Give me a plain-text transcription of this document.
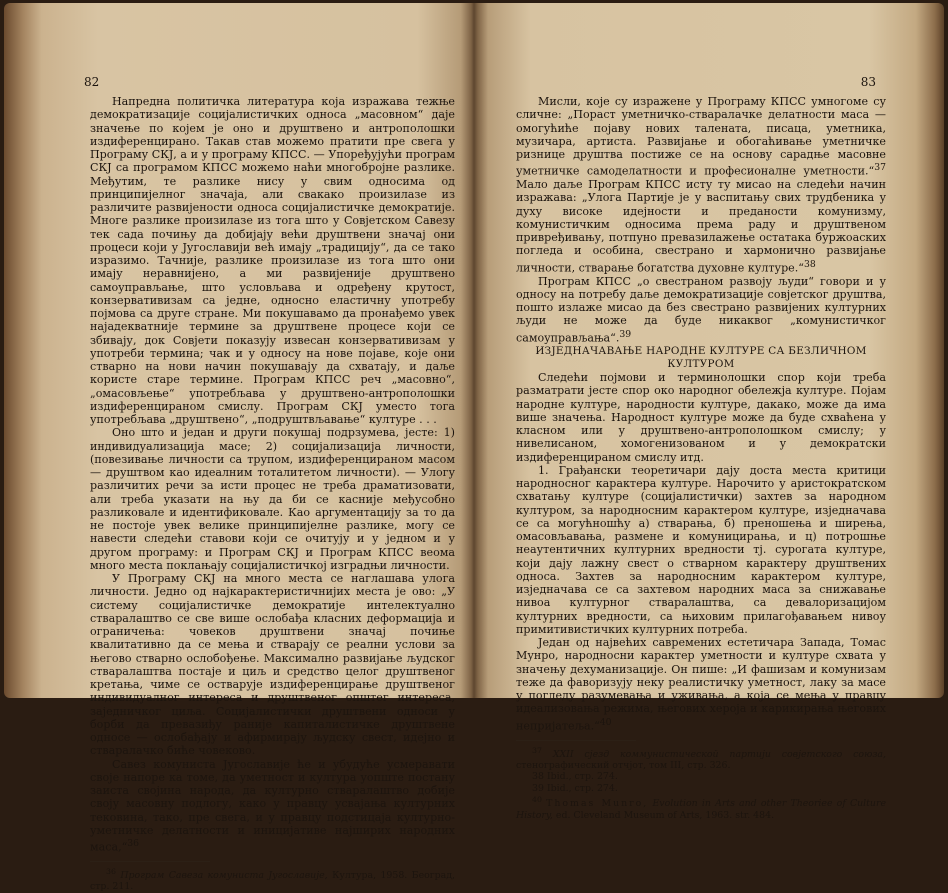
82

Напредна политичка литература која изражава тежње демократизације социјалистичких односа „масовном“ даје значење по којем је оно и друштвено и антрополошки издиференцирано. Такав став можемо пратити пре свега у Програму СКЈ, а и у програму КПСС. — Упоређујући програм СКЈ са програмом КПСС можемо наћи многобројне разлике. Међутим, те разлике нису у свим односима од принципијелног значаја, али свакако произилазе из различите развијености односа социјалистичке демократије. Многе разлике произилазе из тога што у Совјетском Савезу тек сада почињу да добијају већи друштвени значај они процеси који у Југославији већ имају „традицију“, да се тако изразимо. Тачније, разлике произилазе из тога што они имају неравнијено, а ми развијеније друштвено самоуправљање, што условљава и одређену крутост, конзервативизам са једне, односно еластичну употребу појмова са друге стране. Ми покушавамо да пронађемо увек најадекватније термине за друштвене процесе који се збивају, док Совјети показују извесан конзервативизам у употреби термина; чак и у односу на нове појаве, које они стварно на нови начин покушавају да схватају, и даље користе старе термине. Програм КПСС реч „масовно“, „омасовљење“ употребљава у друштвено-антрополошки издиференцираном смислу. Програм СКЈ уместо тога употребљава „друштвено“, „подруштвљавање“ културе . . .

Оно што и један и други покушај подрзумева, јесте: 1) индивидуализација масе; 2) социјализација личности, (повезивање личности са трупом, издиференцираном масом — друштвом као идеалним тоталитетом личности). — Улогу различитих речи за исти процес не треба драматизовати, али треба указати на њу да би се касније међусобно разликовале и идентификовале. Као аргументацију за то да не постоје увек велике принципијелне разлике, могу се навести следећи ставови који се очитују и у једном и у другом програму: и Програм СКЈ и Програм КПСС веома много места поклањају социјалистичкој изградњи личности.

У Програму СКЈ на много места се наглашава улога личности. Једно од најкарактеристичнијих места је ово: „У систему социјалистичке демократије интелектуално стваралаштво се све више ослобађа класних деформација и ограничења: човеков друштвени значај почиње квалитативно да се мења и стварају се реални услови за његово стварно ослобођење. Максимално развијање људског стваралаштва постаје и циљ и средство целог друштвеног кретања, чиме се остварује издиференцирање друштвеног индивидуалног интереса и друштвеног општег интереса, заједничког циља. Социјалистички друштвени односи у борби да превазиђу раније капиталистичке друштвене односе — ослобађају и афирмирају људску свест, идејно и стваралачко биће човеково.

Савез комуниста Југославије ће и убудуће усмеравати своје напоре ка томе, да уметност и култура уопште постану заиста својина народа, да културно стваралаштво добије своју масовну подлогу, како у правцу усвајања културних тековина, тако, пре свега, и у правцу подстицаја културно-уметничке делатности и иницијативе најширих народних маса,“$^{36}$

$^{36}$ Програм Савеза комуниста Југославије, Култура, 1958. Београд, стр. 211.

83

Мисли, које су изражене у Програму КПСС умногоме су сличне: „Пораст уметничко-стваралачке делатности маса — омогућиће појаву нових талената, писаца, уметника, музичара, артиста. Развијање и обогаћивање уметничке ризнице друштва постиже се на основу сарадње масовне уметничке самоделатности и професионалне уметности.“$^{37}$ Мало даље Програм КПСС исту ту мисао на следећи начин изражава: „Улога Партије је у васпитању свих трудбеника у духу високе идејности и преданости комунизму, комунистичким односима према раду и друштвеном привређивању, потпуно превазилажење остатака буржоаских погледа и особина, свестрано и хармонично развијање личности, стварање богатства духовне културе.“$^{38}$

Програм КПСС „о свестраном развоју људи“ говори и у односу на потребу даље демократизације совјетског друштва, пошто излаже мисао да без свестрано развијених културних људи не може да буде никаквог „комунистичког самоуправљања“.$^{39}$

ИЗЈЕДНАЧАВАЊЕ НАРОДНЕ КУЛТУРЕ СА БЕЗЛИЧНОМ КУЛТУРОМ

Следећи појмови и терминолошки спор који треба разматрати јесте спор око народног обележја културе. Појам народне културе, народности културе, дакако, може да има више значења. Народност културе може да буде схваћена у класном или у друштвено-антрополошком смислу; у нивелисаном, хомогенизованом и у демократски издиференцираном смислу итд.

1. Грађански теоретичари дају доста места критици народносног карактера културе. Нарочито у аристократском схватању културе (социјалистички) захтев за народном културом, за народносним карактером културе, изједначава се са могућношћу а) стварања, б) преношења и ширења, омасовљавања, размене и комуницирања, и ц) потрошње неаутентичних културних вредности тј. сурогата културе, који дају лажну свест о стварном карактеру друштвених односа. Захтев за народносним карактером културе, изједначава се са захтевом народних маса за снижавање нивоа културног стваралаштва, са девалоризацијом културних вредности, са њиховим прилагођавањем нивоу примитивистичких културних потреба.

Један од највећих савремених естетичара Запада, Томас Мунро, народносни карактер уметности и културе схвата у значењу дехуманизације. Он пише: „И фашизам и комунизам теже да фаворизују неку реалистичку уметност, лаку за масе у погледу разумевања и уживања, а која се мења у правцу идеализовања режима, његових хероја и карикирања његових непријатеља.“$^{40}$

$^{37}$ XXII сјезд коммунистической партији совјетского союза, стенографический отчјот, том III, стр. 326.

38 Ibid., стр. 274.

39 Ibid., стр. 274.

$^{40}$ Thomas Munro, Evolution in Arts and other Theoriee of Culture History, ed. Cleveland Museum of Arts, 1963. str. 484.
